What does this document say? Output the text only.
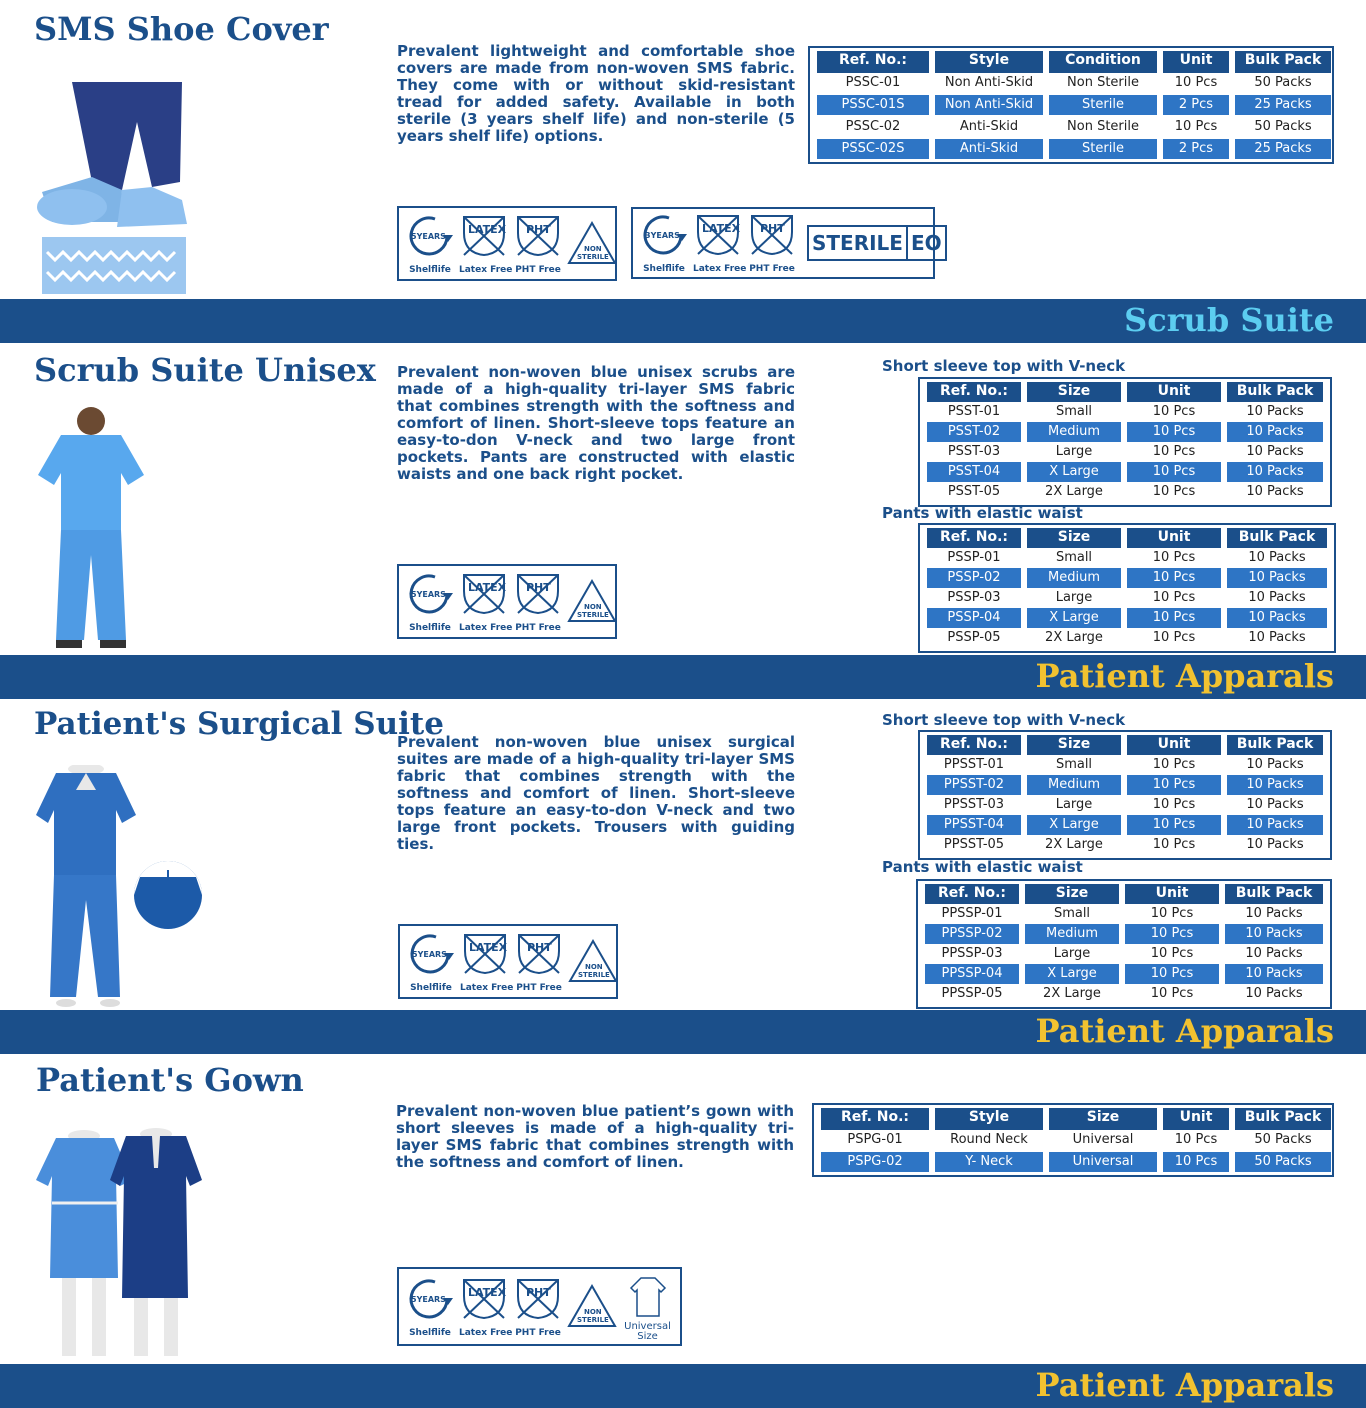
SMS Shoe Cover

Prevalent lightweight and comfortable shoe covers are made from non-woven SMS fabric. They come with or without skid-resistant tread for added safety. Available in both sterile (3 years shelf life) and non-sterile (5 years shelf life) options.

Ref. No.:	Style	Condition	Unit	Bulk Pack
PSSC-01	Non Anti-Skid	Non Sterile	10 Pcs	50 Packs
PSSC-01S	Non Anti-Skid	Sterile	2 Pcs	25 Packs
PSSC-02	Anti-Skid	Non Sterile	10 Pcs	50 Packs
PSSC-02S	Anti-Skid	Sterile	2 Pcs	25 Packs
5YEARS
Shelflife
LATEX
Latex Free
PHT
PHT Free
NON
STERILE
3YEARS
Shelflife
LATEX
Latex Free
PHT
PHT Free
STERILE EO
Scrub Suite
Scrub Suite Unisex Prevalent non-woven blue unisex scrubs are made of a high-quality tri-layer SMS fabric that combines strength with the softness and comfort of linen. Short-sleeve tops feature an easy-to-don V-neck and two large front pockets. Pants are constructed with elastic waists and one back right pocket.

5YEARS
Shelflife
LATEX
Latex Free
PHT
PHT Free
NON
STERILE
Short sleeve top with V-neck
Ref. No.:	Size	Unit	Bulk Pack
PSST-01	Small	10 Pcs	10 Packs
PSST-02	Medium	10 Pcs	10 Packs
PSST-03	Large	10 Pcs	10 Packs
PSST-04	X Large	10 Pcs	10 Packs
PSST-05	2X Large	10 Pcs	10 Packs
Pants with elastic waist
Ref. No.:	Size	Unit	Bulk Pack
PSSP-01	Small	10 Pcs	10 Packs
PSSP-02	Medium	10 Pcs	10 Packs
PSSP-03	Large	10 Pcs	10 Packs
PSSP-04	X Large	10 Pcs	10 Packs
PSSP-05	2X Large	10 Pcs	10 Packs
Patient Apparals
Patient's Surgical Suite

Prevalent non-woven blue unisex surgical suites are made of a high-quality tri-layer SMS fabric that combines strength with the softness and comfort of linen. Short-sleeve tops feature an easy-to-don V-neck and two large front pockets. Trousers with guiding ties.

5YEARS
Shelflife
LATEX
Latex Free
PHT
PHT Free
NON
STERILE
Short sleeve top with V-neck
Ref. No.:	Size	Unit	Bulk Pack
PPSST-01	Small	10 Pcs	10 Packs
PPSST-02	Medium	10 Pcs	10 Packs
PPSST-03	Large	10 Pcs	10 Packs
PPSST-04	X Large	10 Pcs	10 Packs
PPSST-05	2X Large	10 Pcs	10 Packs
Pants with elastic waist
Ref. No.:	Size	Unit	Bulk Pack
PPSSP-01	Small	10 Pcs	10 Packs
PPSSP-02	Medium	10 Pcs	10 Packs
PPSSP-03	Large	10 Pcs	10 Packs
PPSSP-04	X Large	10 Pcs	10 Packs
PPSSP-05	2X Large	10 Pcs	10 Packs
Patient Apparals
Patient's Gown

Prevalent non-woven blue patient’s gown with short sleeves is made of a high-quality tri-layer SMS fabric that combines strength with the softness and comfort of linen.

Ref. No.:	Style	Size	Unit	Bulk Pack
PSPG-01	Round Neck	Universal	10 Pcs	50 Packs
PSPG-02	Y- Neck	Universal	10 Pcs	50 Packs
5YEARS
Shelflife
LATEX
Latex Free
PHT
PHT Free
NON
STERILE
Universal
Size
Patient Apparals
